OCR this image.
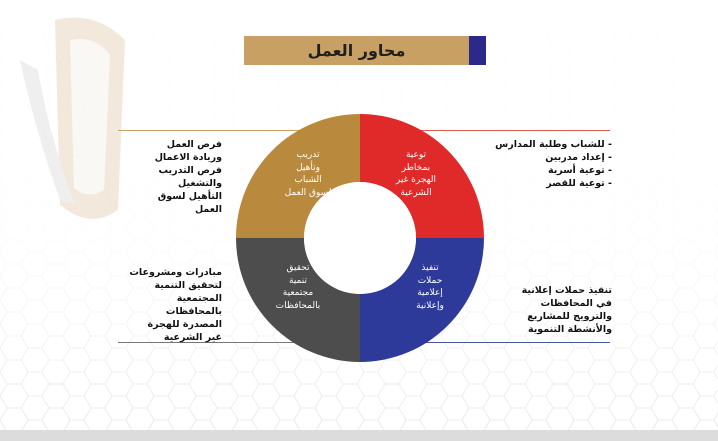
محاور العمل
تدريب
وتأهيل
الشباب
لسوق العمل
توعية
بمخاطر
الهجرة غير
الشرعية
تنفيذ
حملات
إعلامية
وإعلانية
تحقيق
تنمية
مجتمعية
بالمحافظات
فرص العمل
وريادة الاعمال
فرص التدريب
والتشغيل
التأهيل لسوق
العمل
- للشباب وطلبة المدارس
- إعداد مدربين
- توعية أسرية
- توعية للقصر
مبادرات ومشروعات
لتحقيق التنمية
المجتمعية
بالمحافظات
المصدرة للهجرة
غير الشرعية
تنفيذ حملات إعلانية
في المحافظات
والترويج للمشاريع
والأنشطة التنموية
